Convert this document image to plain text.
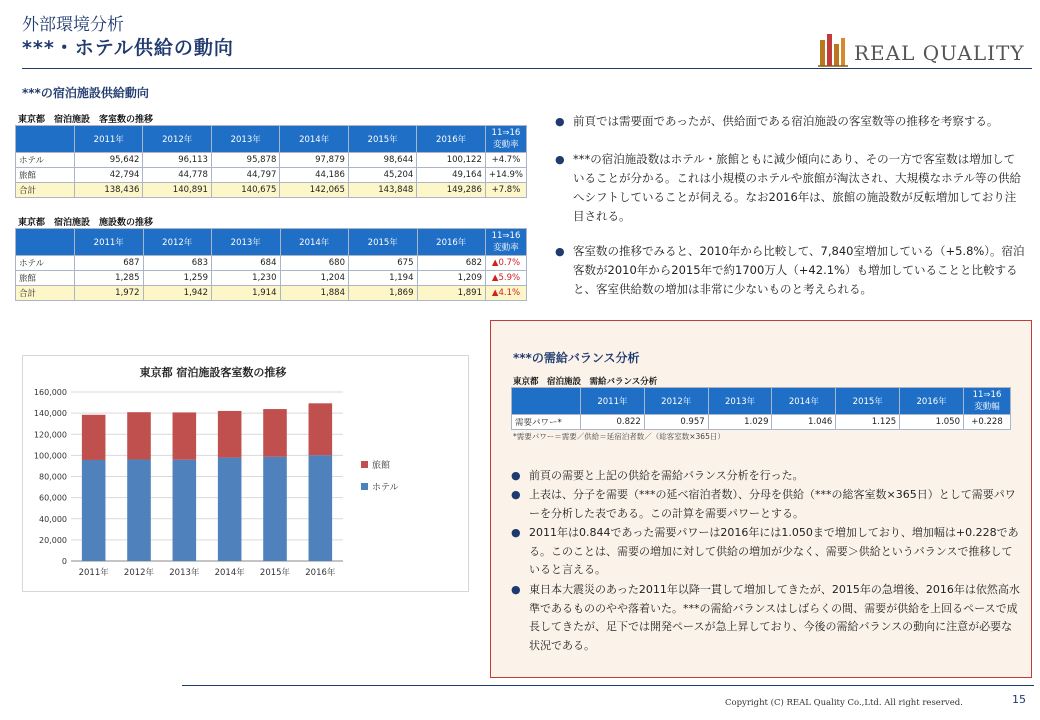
外部環境分析
***・ホテル供給の動向	REAL QUALITY
***の宿泊施設供給動向
東京都　宿泊施設　客室数の推移
	2011年	2012年	2013年	2014年	2015年	2016年	11⇒16
変動率
ホテル	95,642	96,113	95,878	97,879	98,644	100,122	+4.7%
旅館	42,794	44,778	44,797	44,186	45,204	49,164	+14.9%
合計	138,436	140,891	140,675	142,065	143,848	149,286	+7.8%
東京都　宿泊施設　施設数の推移
	2011年	2012年	2013年	2014年	2015年	2016年	11⇒16
変動率
ホテル	687	683	684	680	675	682	▲0.7%
旅館	1,285	1,259	1,230	1,204	1,194	1,209	▲5.9%
合計	1,972	1,942	1,914	1,884	1,869	1,891	▲4.1%
● 前頁では需要面であったが、供給面である宿泊施設の客室数等の推移を考察する。
● ***の宿泊施設数はホテル・旅館ともに減少傾向にあり、その一方で客室数は増加していることが分かる。これは小規模のホテルや旅館が淘汰され、大規模なホテル等の供給へシフトしていることが伺える。なお2016年は、旅館の施設数が反転増加しており注目される。
● 客室数の推移でみると、2010年から比較して、7,840室増加している（+5.8%）。宿泊客数が2010年から2015年で約1700万人（+42.1%）も増加していることと比較すると、客室供給数の増加は非常に少ないものと考えられる。
東京都 宿泊施設客室数の推移
2011年 2012年 2013年 2014年 2015年 2016年
0
20,000
40,000
60,000
80,000
100,000
120,000
140,000
160,000
旅館
ホテル
***の需給バランス分析
東京都　宿泊施設　需給バランス分析
	2011年	2012年	2013年	2014年	2015年	2016年	11⇒16
変動幅
需要パワー*	0.822	0.957	1.029	1.046	1.125	1.050	+0.228
*需要パワー＝需要／供給＝延宿泊者数／（総客室数×365日）
● 前頁の需要と上記の供給を需給バランス分析を行った。
● 上表は、分子を需要（***の延べ宿泊者数）、分母を供給（***の総客室数×365日）として需要パワーを分析した表である。この計算を需要パワーとする。
● 2011年は0.844であった需要パワーは2016年には1.050まで増加しており、増加幅は+0.228である。このことは、需要の増加に対して供給の増加が少なく、需要＞供給というバランスで推移していると言える。
● 東日本大震災のあった2011年以降一貫して増加してきたが、2015年の急増後、2016年は依然高水準であるもののやや落着いた。***の需給バランスはしばらくの間、需要が供給を上回るペースで成長してきたが、足下では開発ペースが急上昇しており、今後の需給バランスの動向に注意が必要な状況である。
Copyright (C) REAL Quality Co.,Ltd. All right reserved.	15
